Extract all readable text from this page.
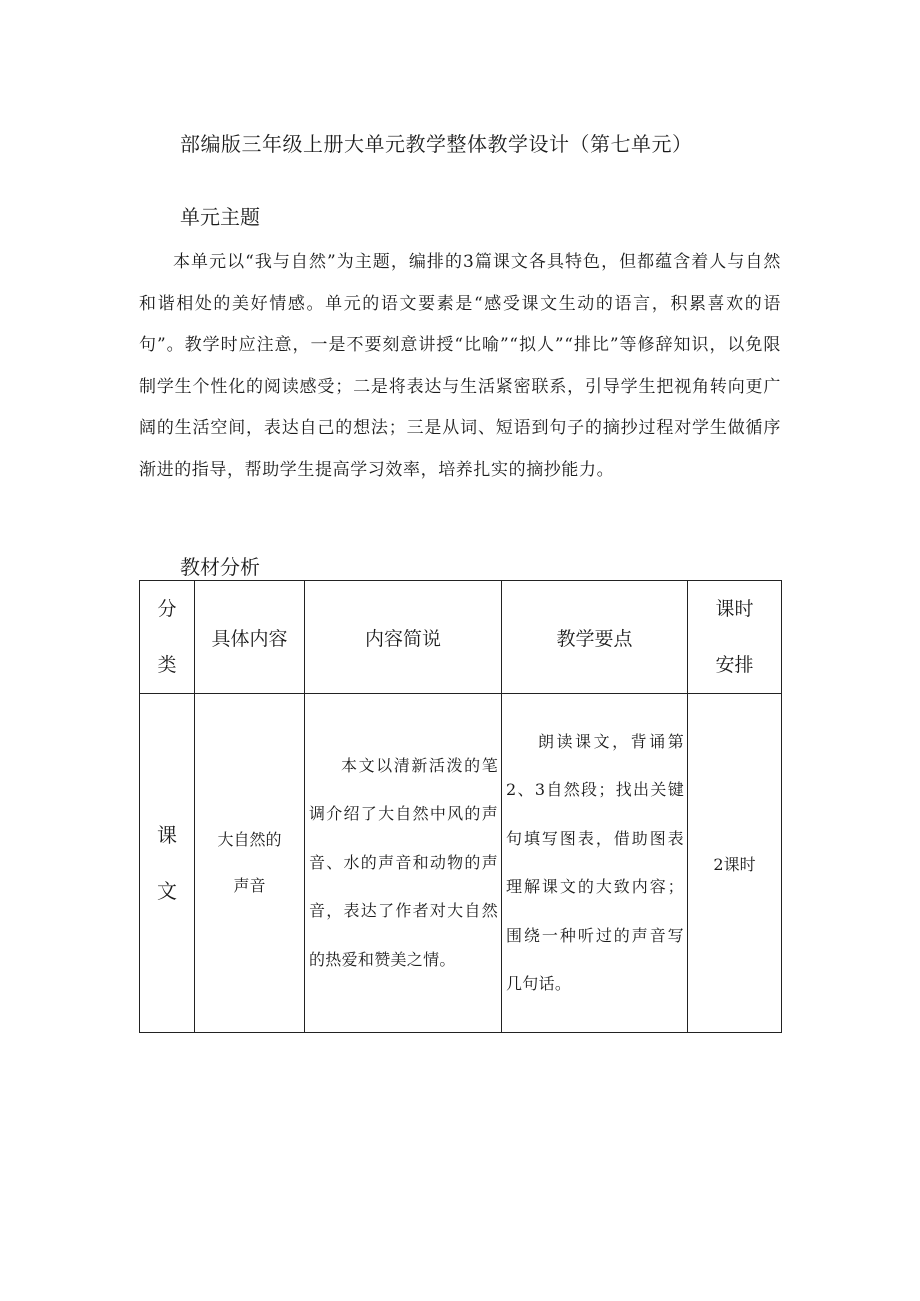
部编版三年级上册大单元教学整体教学设计（第七单元）
单元主题

本单元以“我与自然”为主题，编排的3篇课文各具特色，但都蕴含着人与自然和谐相处的美好情感。单元的语文要素是“感受课文生动的语言，积累喜欢的语句”。教学时应注意，一是不要刻意讲授“比喻”“拟人”“排比”等修辞知识，以免限制学生个性化的阅读感受；二是将表达与生活紧密联系，引导学生把视角转向更广阔的生活空间，表达自己的想法；三是从词、短语到句子的摘抄过程对学生做循序渐进的指导，帮助学生提高学习效率，培养扎实的摘抄能力。

教材分析
分类	具体内容	内容简说	教学要点	课时安排

课文	大自然的声音	本文以清新活泼的笔调介绍了大自然中风的声音、水的声音和动物的声音，表达了作者对大自然的热爱和赞美之情。	朗读课文，背诵第2、3自然段；找出关键句填写图表，借助图表理解课文的大致内容；围绕一种听过的声音写几句话。	2课时
